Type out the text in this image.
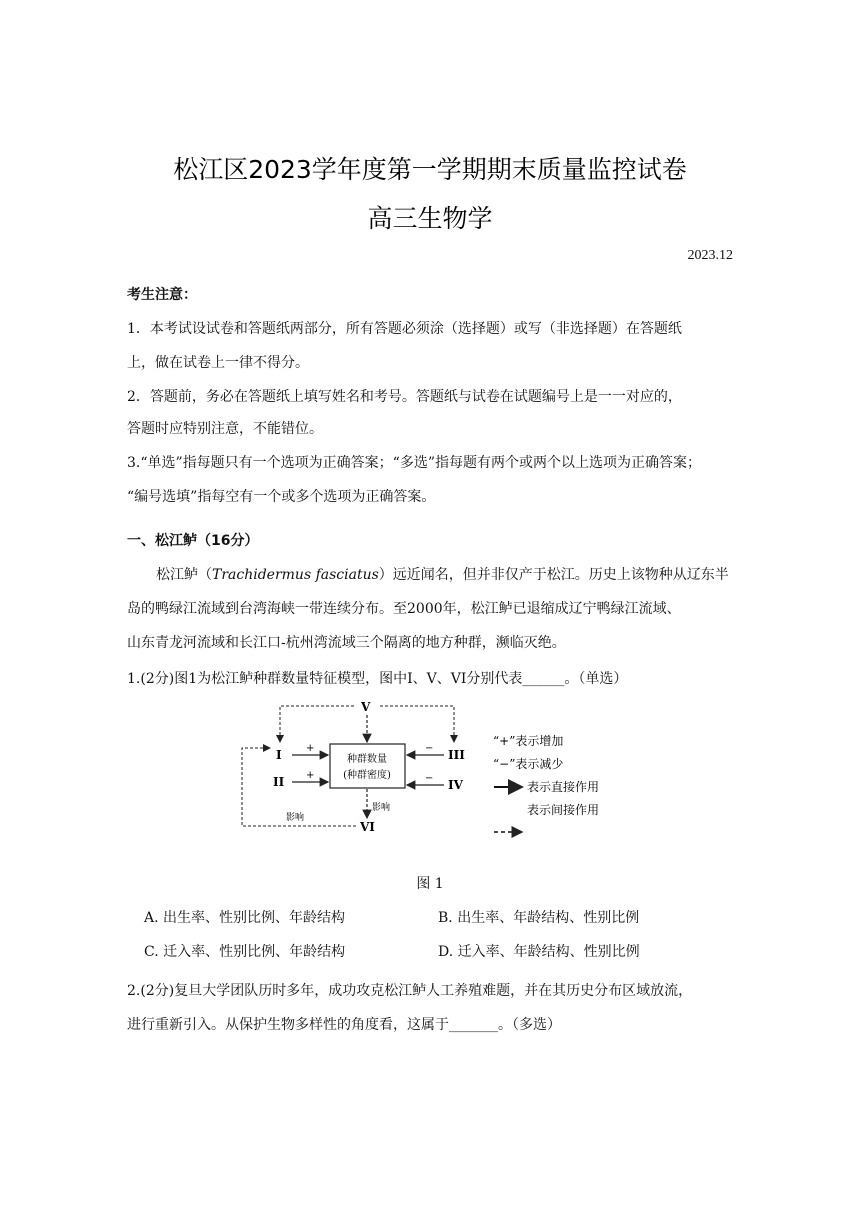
松江区2023学年度第一学期期末质量监控试卷
高三生物学
2023.12
考生注意：
1．本考试设试卷和答题纸两部分，所有答题必须涂（选择题）或写（非选择题）在答题纸
上，做在试卷上一律不得分。
2．答题前，务必在答题纸上填写姓名和考号。答题纸与试卷在试题编号上是一一对应的，
答题时应特别注意，不能错位。
3.“单选”指每题只有一个选项为正确答案；“多选”指每题有两个或两个以上选项为正确答案；
“编号选填”指每空有一个或多个选项为正确答案。
一、松江鲈（16分）
松江鲈（Trachidermus fasciatus）远近闻名，但并非仅产于松江。历史上该物种从辽东半
岛的鸭绿江流域到台湾海峡一带连续分布。至2000年，松江鲈已退缩成辽宁鸭绿江流域、
山东青龙河流域和长江口-杭州湾流域三个隔离的地方种群，濒临灭绝。
1.(2分)图1为松江鲈种群数量特征模型，图中I、V、VI分别代表______。（单选）
种群数量
(种群密度)
I
II
+
+
III
IV
−
−
V
影响
VI
影响
“+”表示增加
“−”表示减少
表示直接作用
表示间接作用
图 1
A. 出生率、性别比例、年龄结构	B. 出生率、年龄结构、性别比例
C. 迁入率、性别比例、年龄结构	D. 迁入率、年龄结构、性别比例
2.(2分)复旦大学团队历时多年，成功攻克松江鲈人工养殖难题，并在其历史分布区域放流，
进行重新引入。从保护生物多样性的角度看，这属于_______。（多选）
